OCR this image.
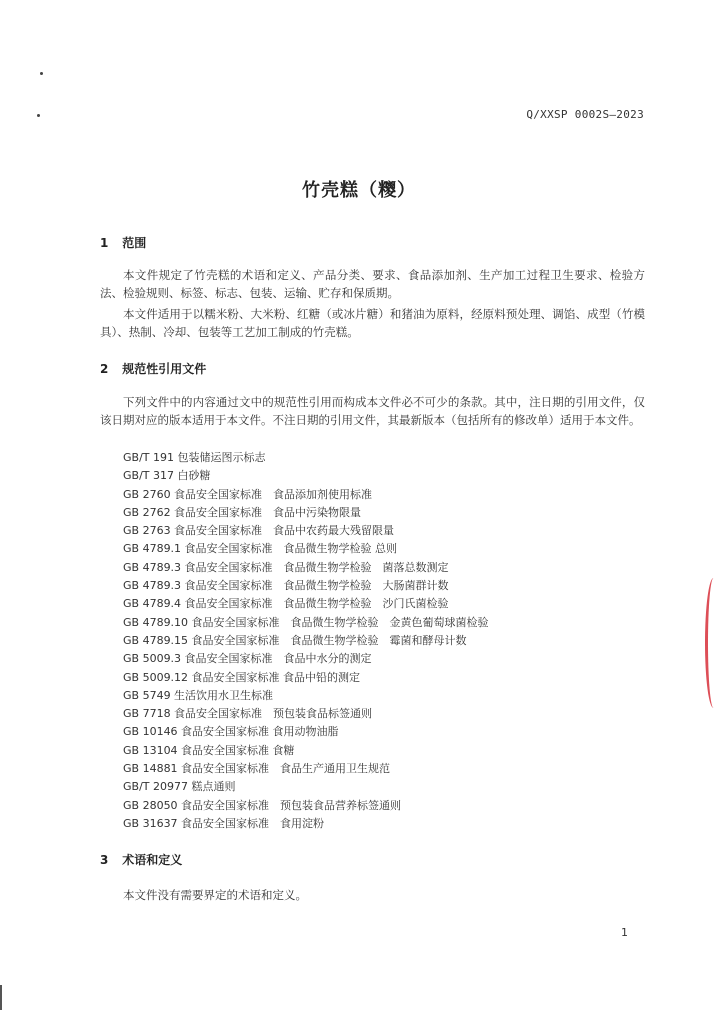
Q/XXSP 0002S—2023
竹壳糕（糭）
1 范围
本文件规定了竹壳糕的术语和定义、产品分类、要求、食品添加剂、生产加工过程卫生要求、检验方法、检验规则、标签、标志、包装、运输、贮存和保质期。
本文件适用于以糯米粉、大米粉、红糖（或冰片糖）和猪油为原料，经原料预处理、调馅、成型（竹模具）、热制、冷却、包装等工艺加工制成的竹壳糕。
2 规范性引用文件
下列文件中的内容通过文中的规范性引用而构成本文件必不可少的条款。其中，注日期的引用文件，仅该日期对应的版本适用于本文件。不注日期的引用文件，其最新版本（包括所有的修改单）适用于本文件。
GB/T 191 包装储运图示标志
GB/T 317 白砂糖
GB 2760 食品安全国家标准　食品添加剂使用标准
GB 2762 食品安全国家标准　食品中污染物限量
GB 2763 食品安全国家标准　食品中农药最大残留限量
GB 4789.1 食品安全国家标准　食品微生物学检验 总则
GB 4789.3 食品安全国家标准　食品微生物学检验　菌落总数测定
GB 4789.3 食品安全国家标准　食品微生物学检验　大肠菌群计数
GB 4789.4 食品安全国家标准　食品微生物学检验　沙门氏菌检验
GB 4789.10 食品安全国家标准　食品微生物学检验　金黄色葡萄球菌检验
GB 4789.15 食品安全国家标准　食品微生物学检验　霉菌和酵母计数
GB 5009.3 食品安全国家标准　食品中水分的测定
GB 5009.12 食品安全国家标准 食品中铅的测定
GB 5749 生活饮用水卫生标准
GB 7718 食品安全国家标准　预包装食品标签通则
GB 10146 食品安全国家标准 食用动物油脂
GB 13104 食品安全国家标准 食糖
GB 14881 食品安全国家标准　食品生产通用卫生规范
GB/T 20977 糕点通则
GB 28050 食品安全国家标准　预包装食品营养标签通则
GB 31637 食品安全国家标准　食用淀粉
3 术语和定义
本文件没有需要界定的术语和定义。
1
